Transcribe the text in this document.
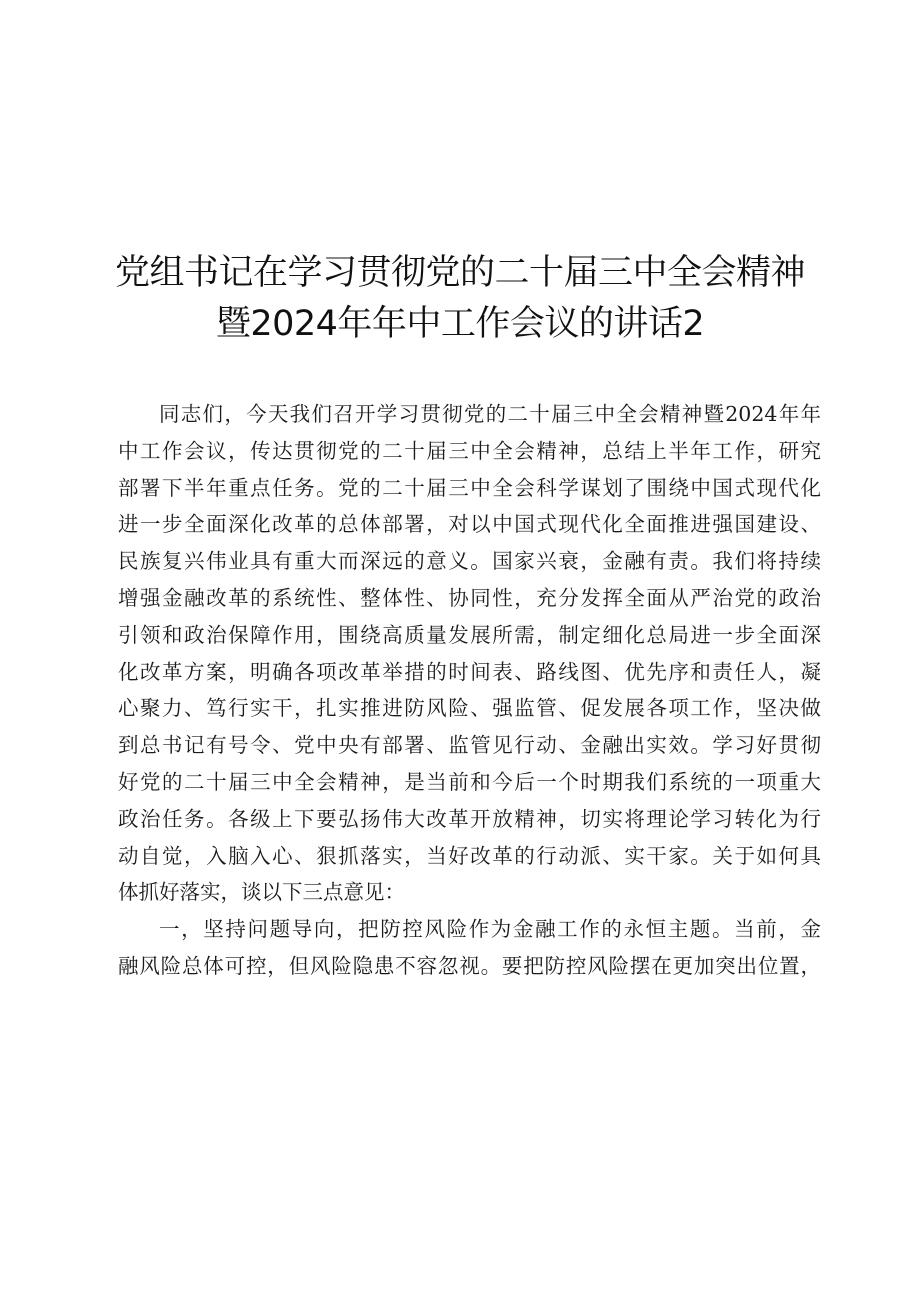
党组书记在学习贯彻党的二十届三中全会精神
暨2024年年中工作会议的讲话2
同志们，今天我们召开学习贯彻党的二十届三中全会精神暨2024年年
中工作会议，传达贯彻党的二十届三中全会精神，总结上半年工作，研究
部署下半年重点任务。党的二十届三中全会科学谋划了围绕中国式现代化
进一步全面深化改革的总体部署，对以中国式现代化全面推进强国建设、
民族复兴伟业具有重大而深远的意义。国家兴衰，金融有责。我们将持续
增强金融改革的系统性、整体性、协同性，充分发挥全面从严治党的政治
引领和政治保障作用，围绕高质量发展所需，制定细化总局进一步全面深
化改革方案，明确各项改革举措的时间表、路线图、优先序和责任人，凝
心聚力、笃行实干，扎实推进防风险、强监管、促发展各项工作，坚决做
到总书记有号令、党中央有部署、监管见行动、金融出实效。学习好贯彻
好党的二十届三中全会精神，是当前和今后一个时期我们系统的一项重大
政治任务。各级上下要弘扬伟大改革开放精神，切实将理论学习转化为行
动自觉，入脑入心、狠抓落实，当好改革的行动派、实干家。关于如何具
体抓好落实，谈以下三点意见：
一，坚持问题导向，把防控风险作为金融工作的永恒主题。当前，金
融风险总体可控，但风险隐患不容忽视。要把防控风险摆在更加突出位置，
